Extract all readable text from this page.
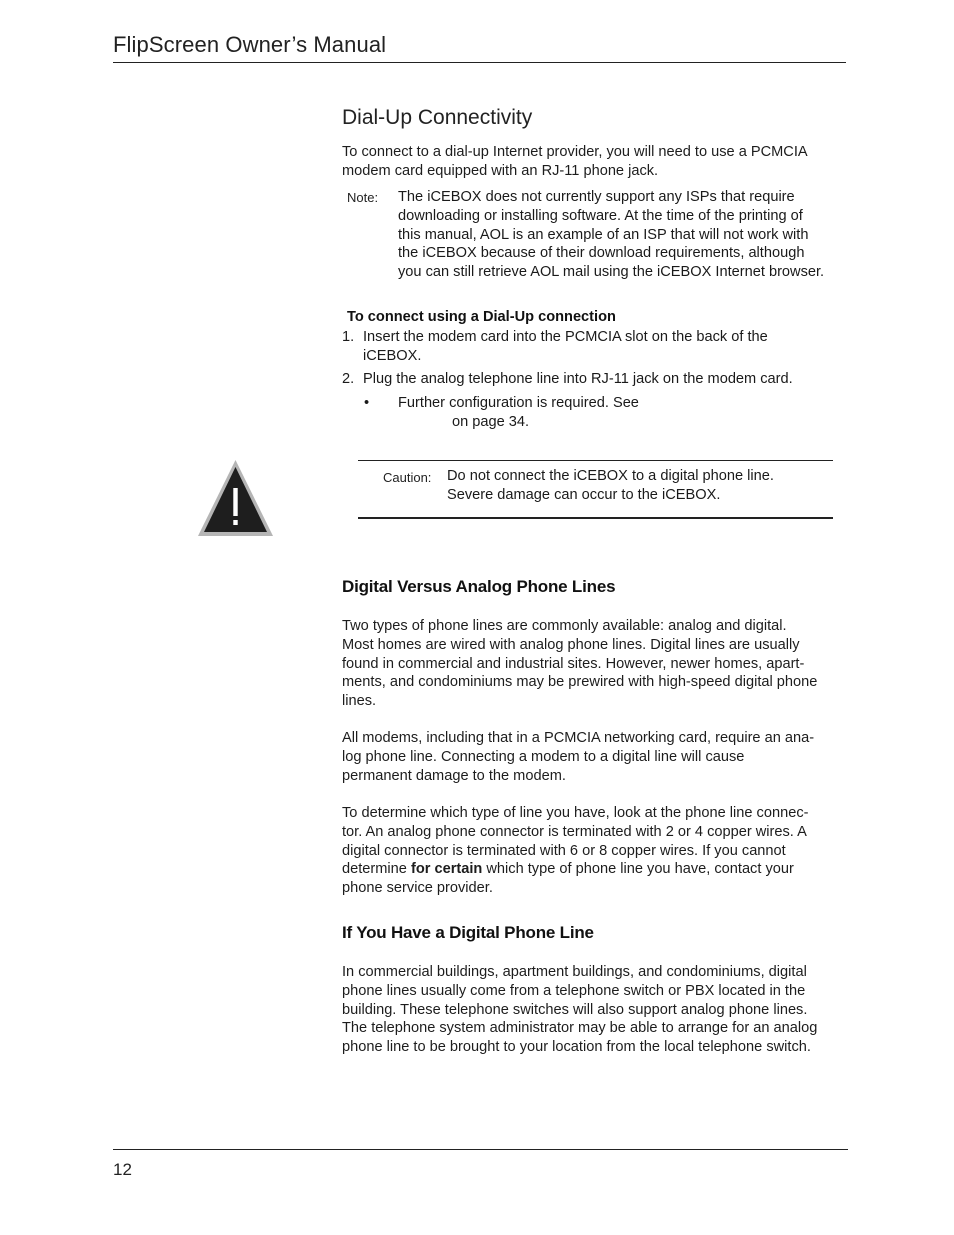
FlipScreen Owner’s Manual
Dial-Up Connectivity

To connect to a dial-up Internet provider, you will need to use a PCMCIA modem card equipped with an RJ-11 phone jack.

Note: The iCEBOX does not currently support any ISPs that require
downloading or installing software. At the time of the printing of
this manual, AOL is an example of an ISP that will not work with
the iCEBOX because of their download requirements, although
you can still retrieve AOL mail using the iCEBOX Internet browser.
To connect using a Dial-Up connection
1. Insert the modem card into the PCMCIA slot on the back of the
iCEBOX.
2. Plug the analog telephone line into RJ-11 jack on the modem card.
• Further configuration is required. See
on page 34.
Caution: Do not connect the iCEBOX to a digital phone line.
Severe damage can occur to the iCEBOX.
Digital Versus Analog Phone Lines
Two types of phone lines are commonly available: analog and digital.
Most homes are wired with analog phone lines. Digital lines are usually
found in commercial and industrial sites. However, newer homes, apart-
ments, and condominiums may be prewired with high-speed digital phone
lines.
All modems, including that in a PCMCIA networking card, require an ana-
log phone line. Connecting a modem to a digital line will cause
permanent damage to the modem.
To determine which type of line you have, look at the phone line connec-
tor. An analog phone connector is terminated with 2 or 4 copper wires. A
digital connector is terminated with 6 or 8 copper wires. If you cannot
determine for certain which type of phone line you have, contact your
phone service provider.
If You Have a Digital Phone Line
In commercial buildings, apartment buildings, and condominiums, digital
phone lines usually come from a telephone switch or PBX located in the
building. These telephone switches will also support analog phone lines.
The telephone system administrator may be able to arrange for an analog
phone line to be brought to your location from the local telephone switch.
12
